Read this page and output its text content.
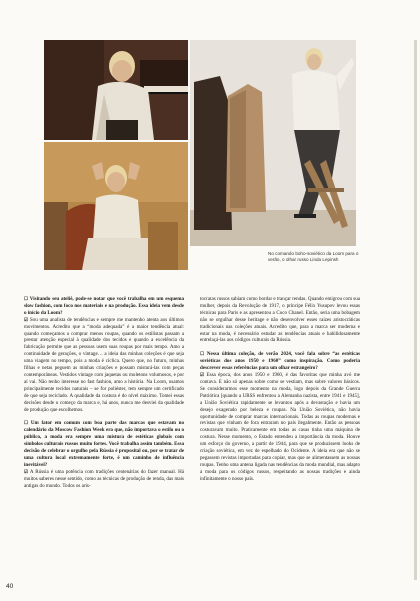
No comando boho-soviético da Loom para o verão, o olhar russo Linda Lepinsh

☐ Visitando seu ateliê, pode-se notar que você trabalha em um esquema slow fashion, com foco nos materiais e na produção. Essa ideia vem desde o início da Loom?

☑ Sou uma analista de tendências e sempre me mantenho atenta aos últimos movimentos. Acredito que a “moda adequada” é a maior tendência atual: quando começamos a comprar menos roupas, quando os estilistas passam a prestar atenção especial à qualidade dos tecidos e quando a excelência da fabricação permite que as pessoas usem suas roupas por mais tempo. Amo a continuidade de gerações, o vintage… a ideia das minhas coleções é que seja uma viagem no tempo, pois a moda é cíclica. Quero que, no futuro, minhas filhas e netas peguem as minhas criações e possam misturá-las com peças contemporâneas. Vestidos vintage com jaquetas ou moletons volumosos, e por aí vai. Não tenho interesse no fast fashion, amo a história. Na Loom, usamos principalmente tecidos naturais – se for poliéster, tem sempre um certificado de que seja reciclado. A qualidade da costura é do nível máximo. Tomei essas decisões desde o começo da marca e, há anos, nunca me desviei da qualidade de produção que escolhemos.

☐ Um fator em comum com boa parte das marcas que estavam no calendário da Moscow Fashion Week era que, não importava o estilo ou o público, a moda era sempre uma mistura de estéticas globais com símbolos culturais russos muito fortes. Você trabalha assim também. Essa decisão de celebrar o orgulho pela Rússia é proposital ou, por se tratar de uma cultura local extremamente forte, é um caminho de influência inevitável?

☑ A Rússia é uma potência com tradições centenárias do fazer manual. Há muitos saberes nesse sentido, como as técnicas de produção de renda, das mais antigas do mundo. Todos os aris-

tocratas russos sabiam como bordar e trançar rendas. Quando emigrou com sua mulher, depois da Revolução de 1917, o príncipe Félix Yusupov levou essas técnicas para Paris e as apresentou a Coco Chanel. Então, seria uma bobagem não se orgulhar desse heritage e não desenvolver esses raízes aristocráticas tradicionais nas coleções atuais. Acredito que, para a marca ser moderna e estar na moda, é necessário estudar as tendências atuais e habilidosamente entrelaçá-las aos códigos culturais da Rússia.

☐ Nessa última coleção, de verão 2024, você fala sobre “as estéticas soviéticas dos anos 1950 e 1960” como inspiração. Como poderia descrever essas referências para um olhar estrangeiro?

☑ Essa época, dos anos 1950 e 1960, é das favoritas que minha avó me contava. E não só apenas sobre como se vestiam, mas sobre valores básicos. Se considerarmos esse momento na moda, logo depois da Grande Guerra Patriótica [quando a URSS enfrentou a Alemanha nazista, entre 1941 e 1945], a União Soviética rapidamente se levantou após a devastação e havia um desejo exagerado por beleza e roupas. Na União Soviética, não havia oportunidade de comprar marcas internacionais. Todas as roupas modernas e revistas que vinham de fora entraram no país ilegalmente. Então as pessoas costuravam muito. Praticamente em todas as casas tinha uma máquina de costura. Nesse momento, o Estado entendeu a importância da moda. Houve um esforço do governo, a partir de 1944, para que se produzissem looks de criação soviética, em vez de espelhado do Ocidente. A ideia era que não se pegassem revistas importadas para copiar, mas que se alimentassem as nossas roupas. Tenho uma antena ligada nas tendências da moda mundial, mas adapto a moda para os códigos russos, respeitando as nossas tradições e ainda infinitamente o nosso país.

40
